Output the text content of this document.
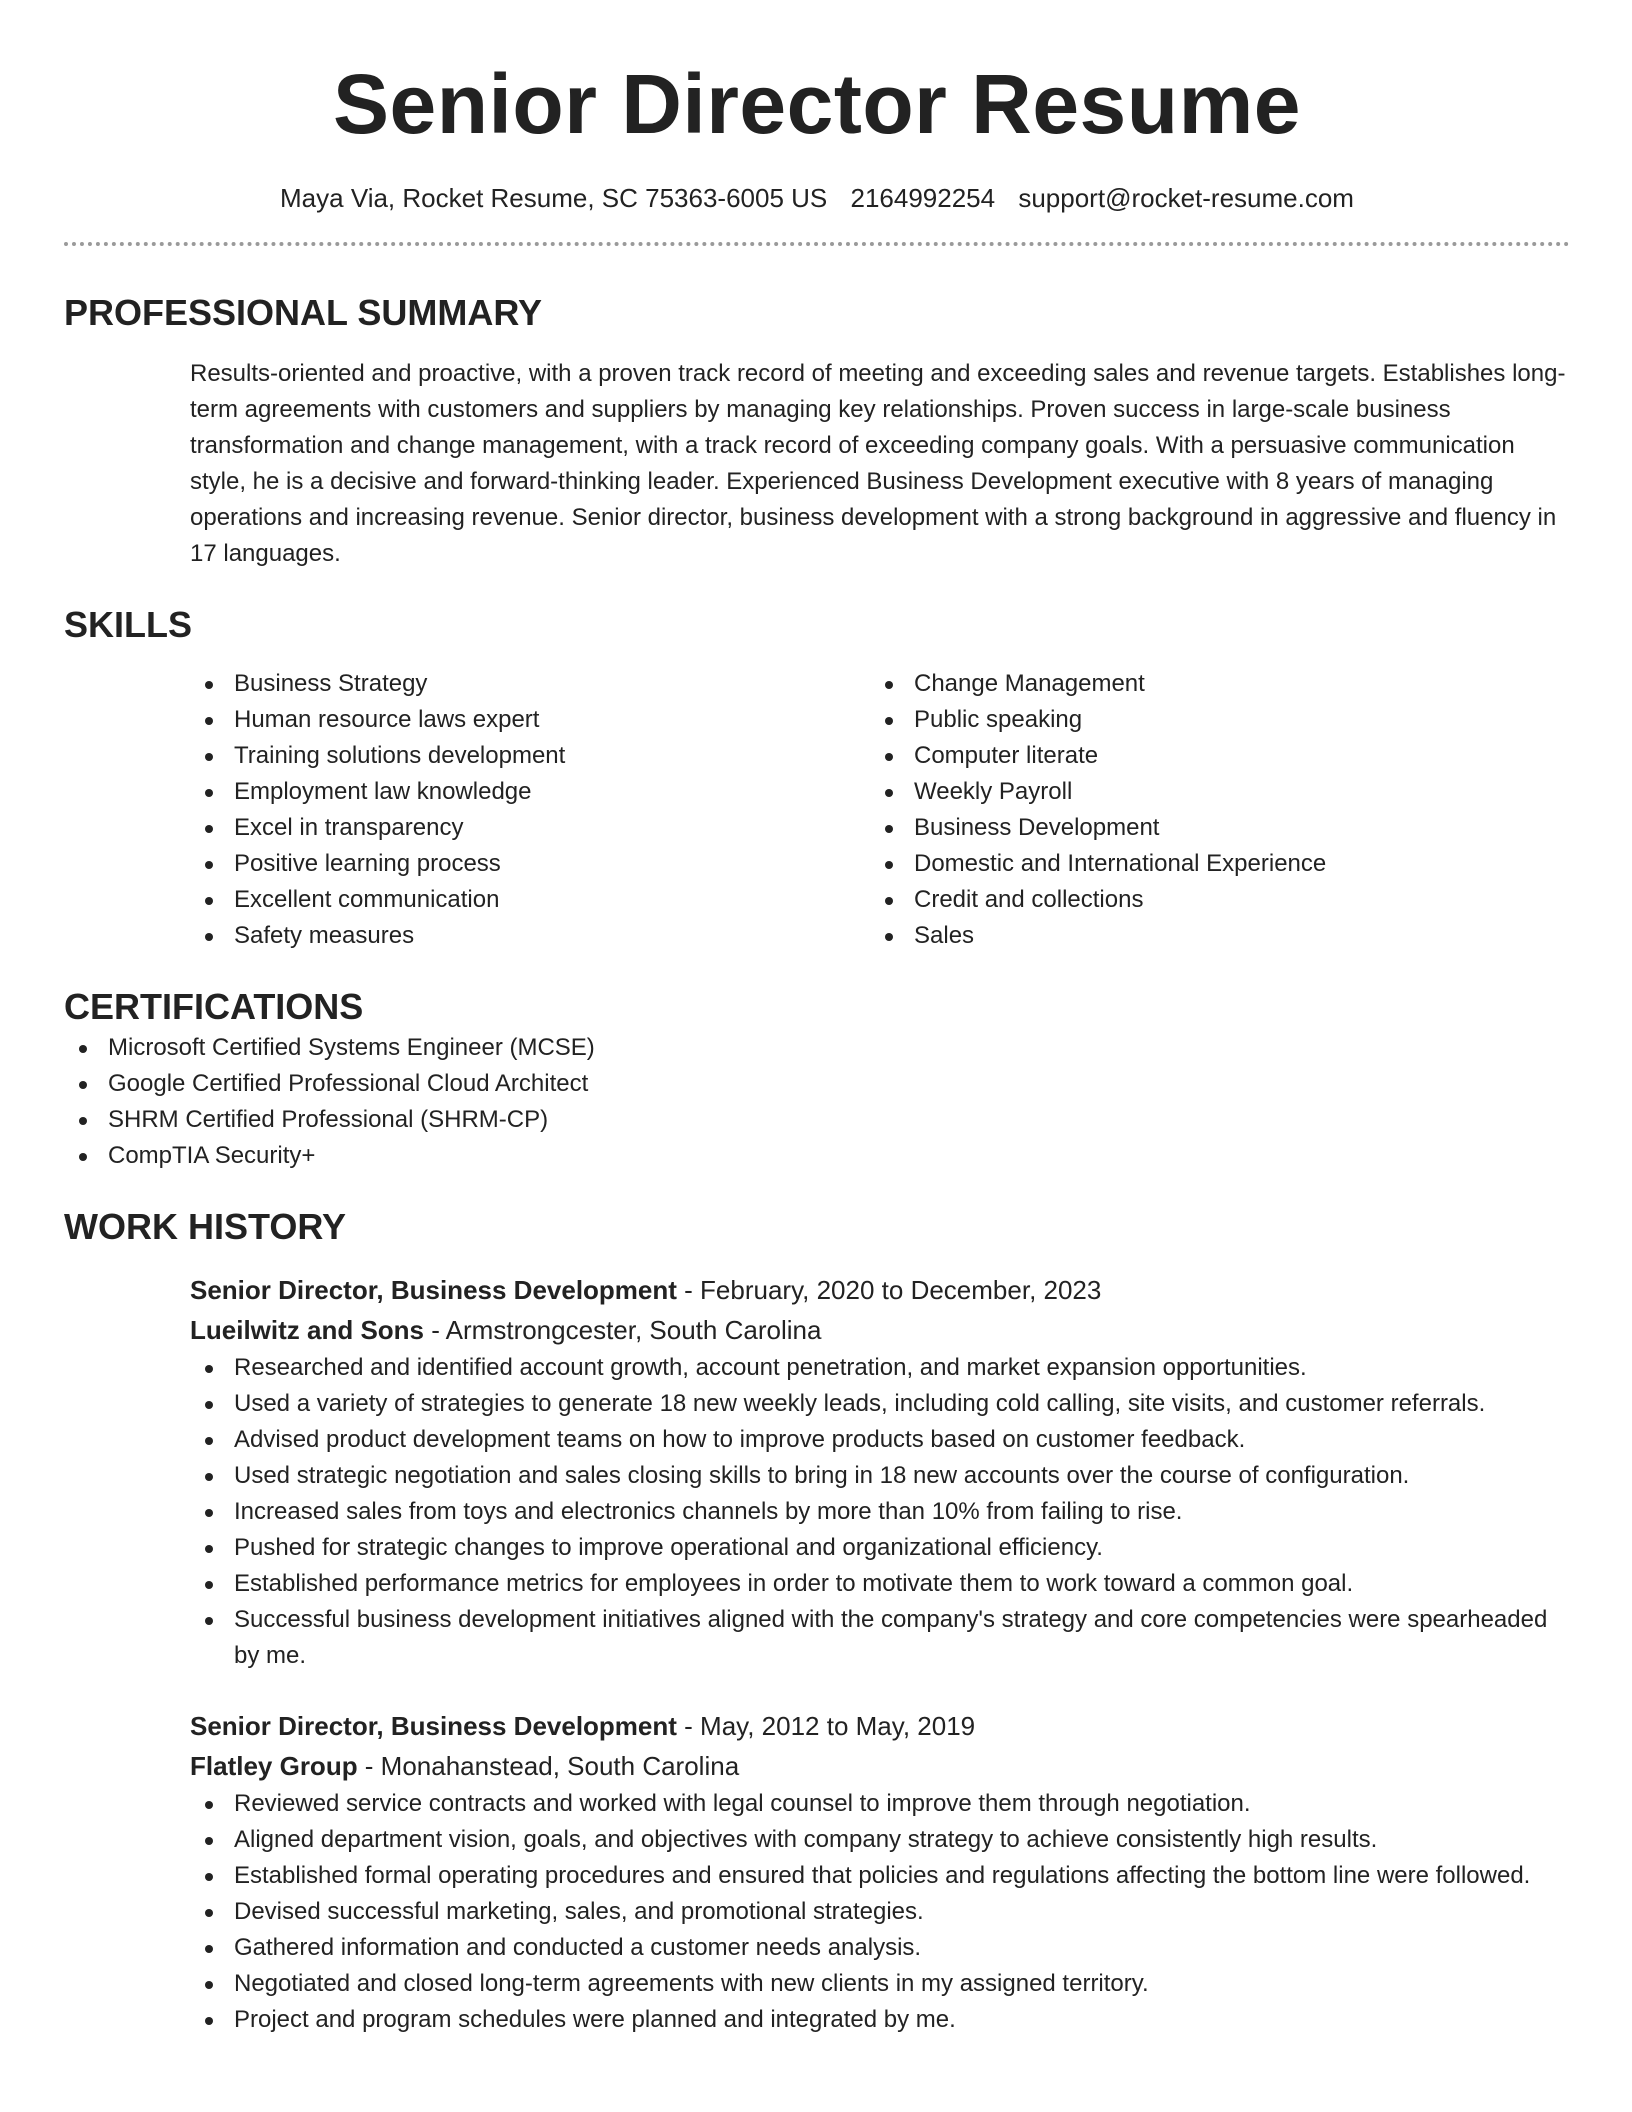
Senior Director Resume
Maya Via, Rocket Resume, SC 75363-6005 US 2164992254 support@rocket-resume.com
PROFESSIONAL SUMMARY

Results-oriented and proactive, with a proven track record of meeting and exceeding sales and revenue targets. Establishes long-term agreements with customers and suppliers by managing key relationships. Proven success in large-scale business transformation and change management, with a track record of exceeding company goals. With a persuasive communication style, he is a decisive and forward-thinking leader. Experienced Business Development executive with 8 years of managing operations and increasing revenue. Senior director, business development with a strong background in aggressive and fluency in 17 languages.

SKILLS
Business Strategy
Human resource laws expert
Training solutions development
Employment law knowledge
Excel in transparency
Positive learning process
Excellent communication
Safety measures
Change Management
Public speaking
Computer literate
Weekly Payroll
Business Development
Domestic and International Experience
Credit and collections
Sales
CERTIFICATIONS
Microsoft Certified Systems Engineer (MCSE)
Google Certified Professional Cloud Architect
SHRM Certified Professional (SHRM-CP)
CompTIA Security+
WORK HISTORY
Senior Director, Business Development - February, 2020 to December, 2023
Lueilwitz and Sons - Armstrongcester, South Carolina
Researched and identified account growth, account penetration, and market expansion opportunities.
Used a variety of strategies to generate 18 new weekly leads, including cold calling, site visits, and customer referrals.
Advised product development teams on how to improve products based on customer feedback.
Used strategic negotiation and sales closing skills to bring in 18 new accounts over the course of configuration.
Increased sales from toys and electronics channels by more than 10% from failing to rise.
Pushed for strategic changes to improve operational and organizational efficiency.
Established performance metrics for employees in order to motivate them to work toward a common goal.
Successful business development initiatives aligned with the company's strategy and core competencies were spearheaded by me.
Senior Director, Business Development - May, 2012 to May, 2019
Flatley Group - Monahanstead, South Carolina
Reviewed service contracts and worked with legal counsel to improve them through negotiation.
Aligned department vision, goals, and objectives with company strategy to achieve consistently high results.
Established formal operating procedures and ensured that policies and regulations affecting the bottom line were followed.
Devised successful marketing, sales, and promotional strategies.
Gathered information and conducted a customer needs analysis.
Negotiated and closed long-term agreements with new clients in my assigned territory.
Project and program schedules were planned and integrated by me.
